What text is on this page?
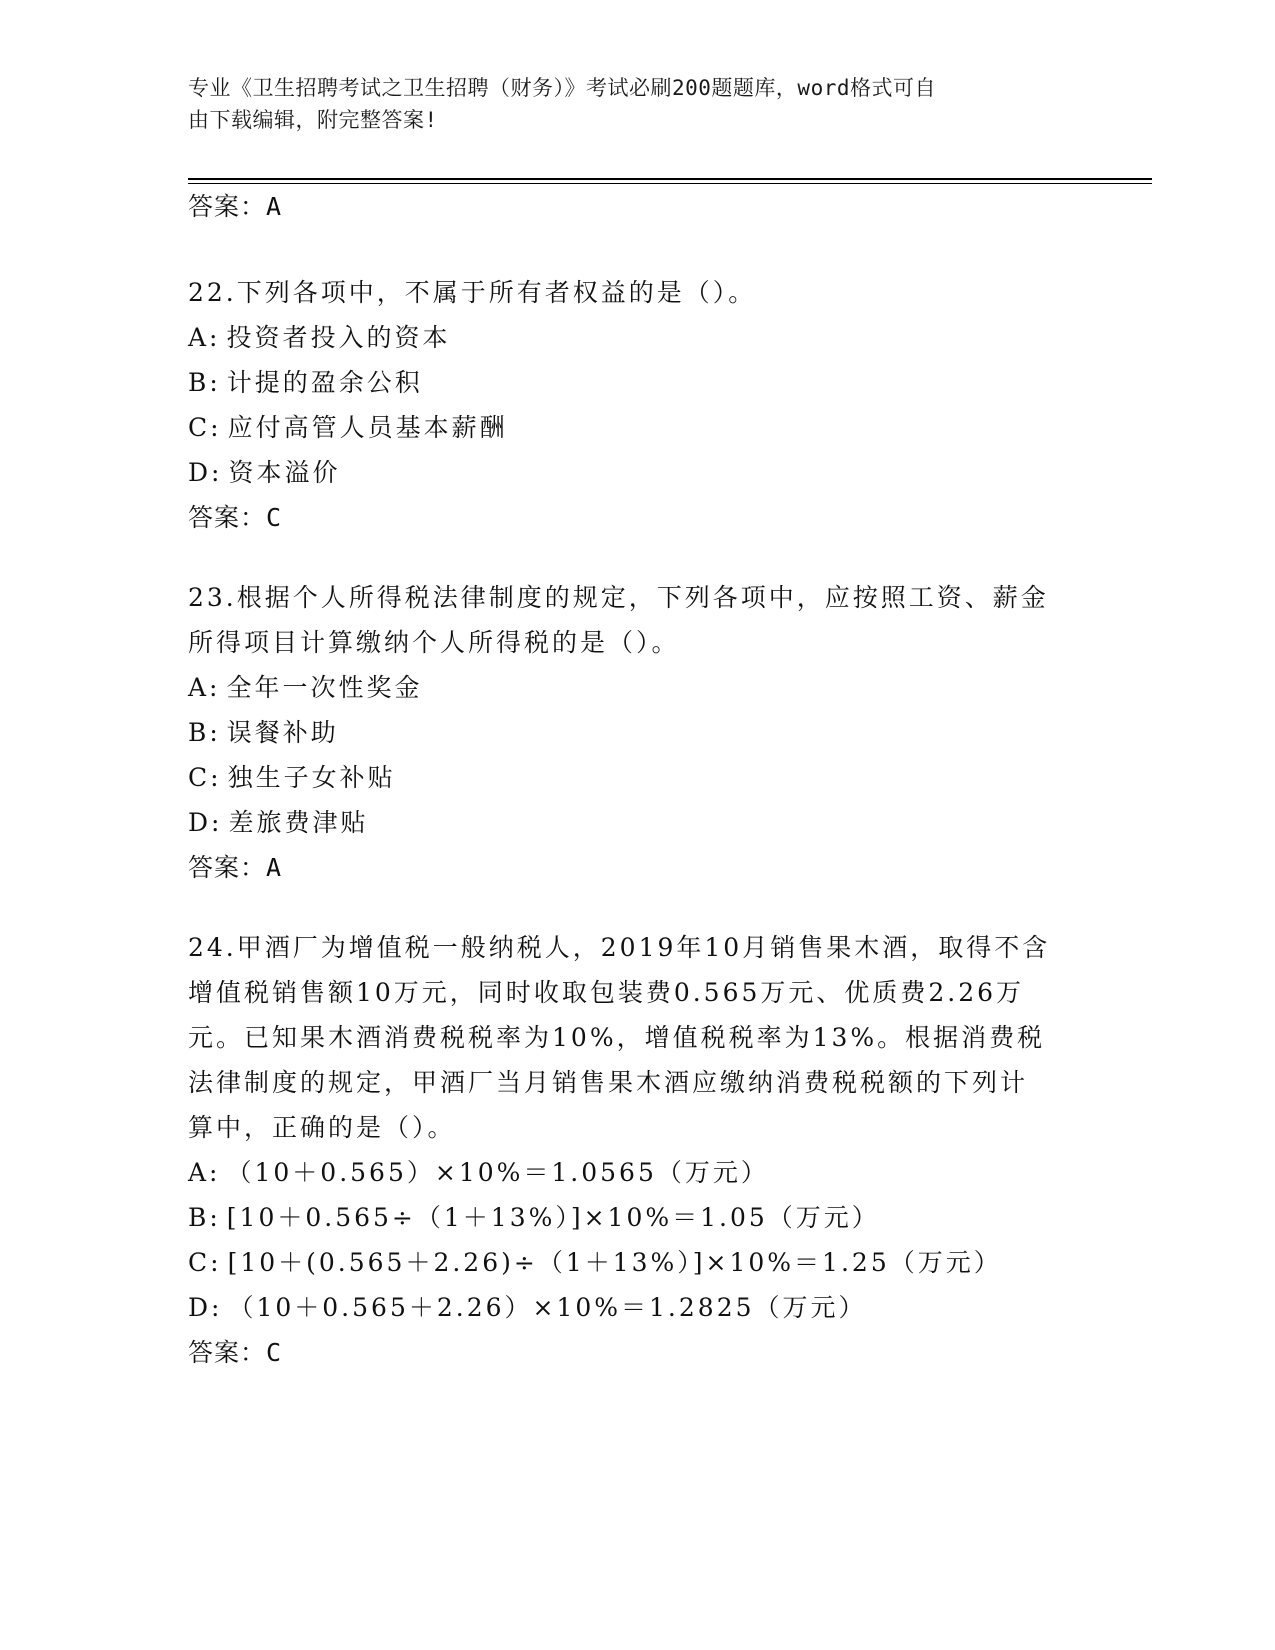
专业《卫生招聘考试之卫生招聘（财务）》考试必刷200题题库，word格式可自
由下载编辑，附完整答案!
答案：A
22.下列各项中，不属于所有者权益的是（）。
A: 投资者投入的资本
B: 计提的盈余公积
C: 应付高管人员基本薪酬
D: 资本溢价
答案：C
23.根据个人所得税法律制度的规定，下列各项中，应按照工资、薪金
所得项目计算缴纳个人所得税的是（）。
A: 全年一次性奖金
B: 误餐补助
C: 独生子女补贴
D: 差旅费津贴
答案：A
24.甲酒厂为增值税一般纳税人，2019年10月销售果木酒，取得不含
增值税销售额10万元，同时收取包装费0.565万元、优质费2.26万
元。已知果木酒消费税税率为10%，增值税税率为13%。根据消费税
法律制度的规定，甲酒厂当月销售果木酒应缴纳消费税税额的下列计
算中，正确的是（）。
A: （10＋0.565）×10%＝1.0565（万元）
B: [10＋0.565÷（1＋13%）]×10%＝1.05（万元）
C: [10＋(0.565＋2.26)÷（1＋13%）]×10%＝1.25（万元）
D: （10＋0.565＋2.26）×10%＝1.2825（万元）
答案：C
